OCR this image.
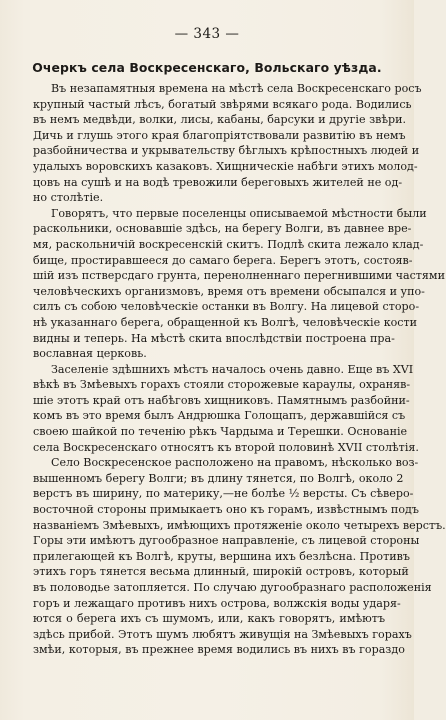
— 343 —
Очеркъ села Воскресенскаго, Вольскаго уѣзда.
Въ незапамятныя времена на мѣстѣ села Воскресенскаго росъ
крупный частый лѣсъ, богатый звѣрями всякаго рода. Водились
въ немъ медвѣди, волки, лисы, кабаны, барсуки и другіе звѣри.
Дичь и глушь этого края благопріятствовали развитію въ немъ
разбойничества и укрывательству бѣглыхъ крѣпостныхъ людей и
удалыхъ воровскихъ казаковъ. Хищническіе набѣги этихъ молод-
цовъ на сушѣ и на водѣ тревожили береговыхъ жителей не од-
но столѣтіе.
Говорятъ, что первые поселенцы описываемой мѣстности были
раскольники, основавшіе здѣсь, на берегу Волги, въ давнее вре-
мя, раскольничій воскресенскій скитъ. Подлѣ скита лежало клад-
бище, простиравшееся до самаго берега. Берегъ этотъ, состояв-
шій изъ пстверсдаго грунта, перенолненнаго перегнившими частями
человѣческихъ организмовъ, время отъ времени обсыпался и упо-
силъ съ собою человѣческіе останки въ Волгу. На лицевой сторо-
нѣ указаннаго берега, обращенной къ Волгѣ, человѣческіе кости
видны и теперь. На мѣстѣ скита впослѣдствіи построена пра-
вославная церковь.
Заселеніе здѣшнихъ мѣстъ началось очень давно. Еще въ XVI
вѣкѣ въ Змѣевыхъ горахъ стояли сторожевые караулы, охраняв-
шіе этотъ край отъ набѣговъ хищниковъ. Памятнымъ разбойни-
комъ въ это время былъ Андрюшка Голощапъ, державшійся съ
своею шайкой по теченію рѣкъ Чардыма и Терешки. Основаніе
села Воскресенскаго относятъ къ второй половинѣ XVII столѣтія.
Село Воскресенское расположено на правомъ, нѣсколько воз-
вышенномъ берегу Волги; въ длину тянется, по Волгѣ, около 2
верстъ въ ширину, по материку,—не болѣе ½ версты. Съ сѣверо-
восточной стороны примыкаетъ оно къ горамъ, извѣстнымъ подъ
названіемъ Змѣевыхъ, имѣющихъ протяженіе около четырехъ верстъ.
Горы эти имѣютъ дугообразное направленіе, съ лицевой стороны
прилегающей къ Волгѣ, круты, вершина ихъ безлѣсна. Противъ
этихъ горъ тянется весьма длинный, широкій островъ, который
въ половодье затопляется. По случаю дугообразнаго расположенія
горъ и лежащаго противъ нихъ острова, волжскія воды ударя-
ются о берега ихъ съ шумомъ, или, какъ говорятъ, имѣютъ
здѣсь прибой. Этотъ шумъ любятъ живущія на Змѣевыхъ горахъ
змѣи, которыя, въ прежнее время водились въ нихъ въ гораздо
